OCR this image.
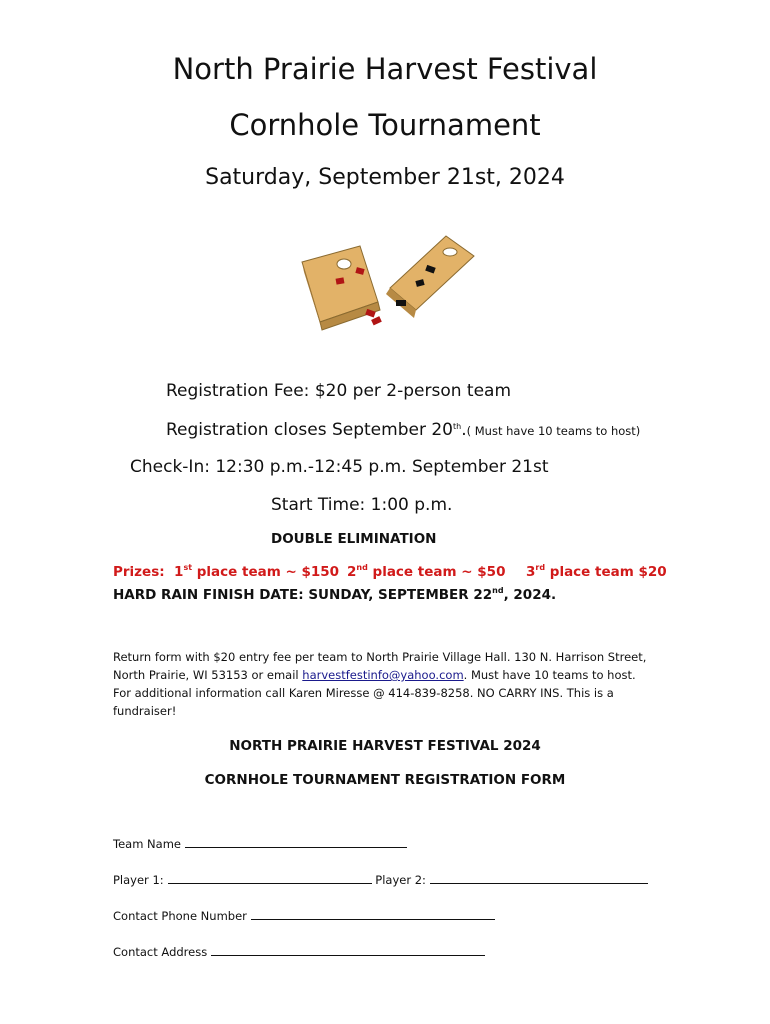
North Prairie Harvest Festival
Cornhole Tournament
Saturday, September 21st, 2024
Registration Fee: $20 per 2-person team
Registration closes September 20th.( Must have 10 teams to host)
Check-In: 12:30 p.m.-12:45 p.m. September 21st
Start Time: 1:00 p.m.
DOUBLE ELIMINATION
Prizes: 1st place team ~ $150 2nd place team ~ $50 3rd place team $20
HARD RAIN FINISH DATE: SUNDAY, SEPTEMBER 22nd, 2024.
Return form with $20 entry fee per team to North Prairie Village Hall. 130 N. Harrison Street, North Prairie, WI 53153 or email harvestfestinfo@yahoo.com. Must have 10 teams to host. For additional information call Karen Miresse @ 414-839-8258. NO CARRY INS. This is a fundraiser!
NORTH PRAIRIE HARVEST FESTIVAL 2024
CORNHOLE TOURNAMENT REGISTRATION FORM
Team Name
Player 1:	Player 2:
Contact Phone Number
Contact Address
